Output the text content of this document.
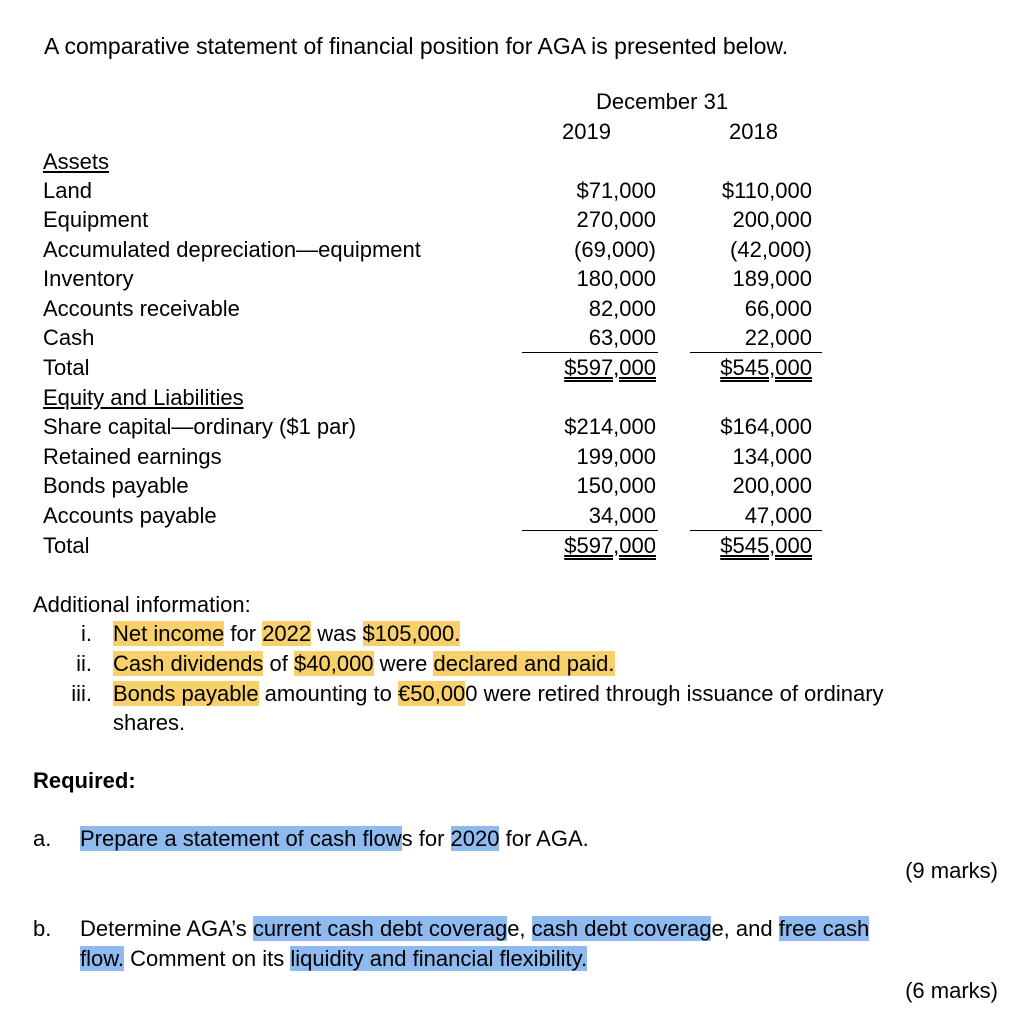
A comparative statement of financial position for AGA is presented below.
December 31
2019	2018
Assets
Land	$71,000	$110,000
Equipment	270,000	200,000
Accumulated depreciation—equipment	(69,000)	(42,000)
Inventory	180,000	189,000
Accounts receivable	82,000	66,000
Cash	63,000	22,000
Total	$597,000	$545,000
Equity and Liabilities
Share capital—ordinary ($1 par)	$214,000	$164,000
Retained earnings	199,000	134,000
Bonds payable	150,000	200,000
Accounts payable	34,000	47,000
Total	$597,000	$545,000
Additional information:
i. Net income for 2022 was $105,000.
ii. Cash dividends of $40,000 were declared and paid.
iii. Bonds payable amounting to €50,000 were retired through issuance of ordinary
shares.
Required:
a. Prepare a statement of cash flows for 2020 for AGA.
(9 marks)
b. Determine AGA’s current cash debt coverage, cash debt coverage, and free cash
flow. Comment on its liquidity and financial flexibility.
(6 marks)
